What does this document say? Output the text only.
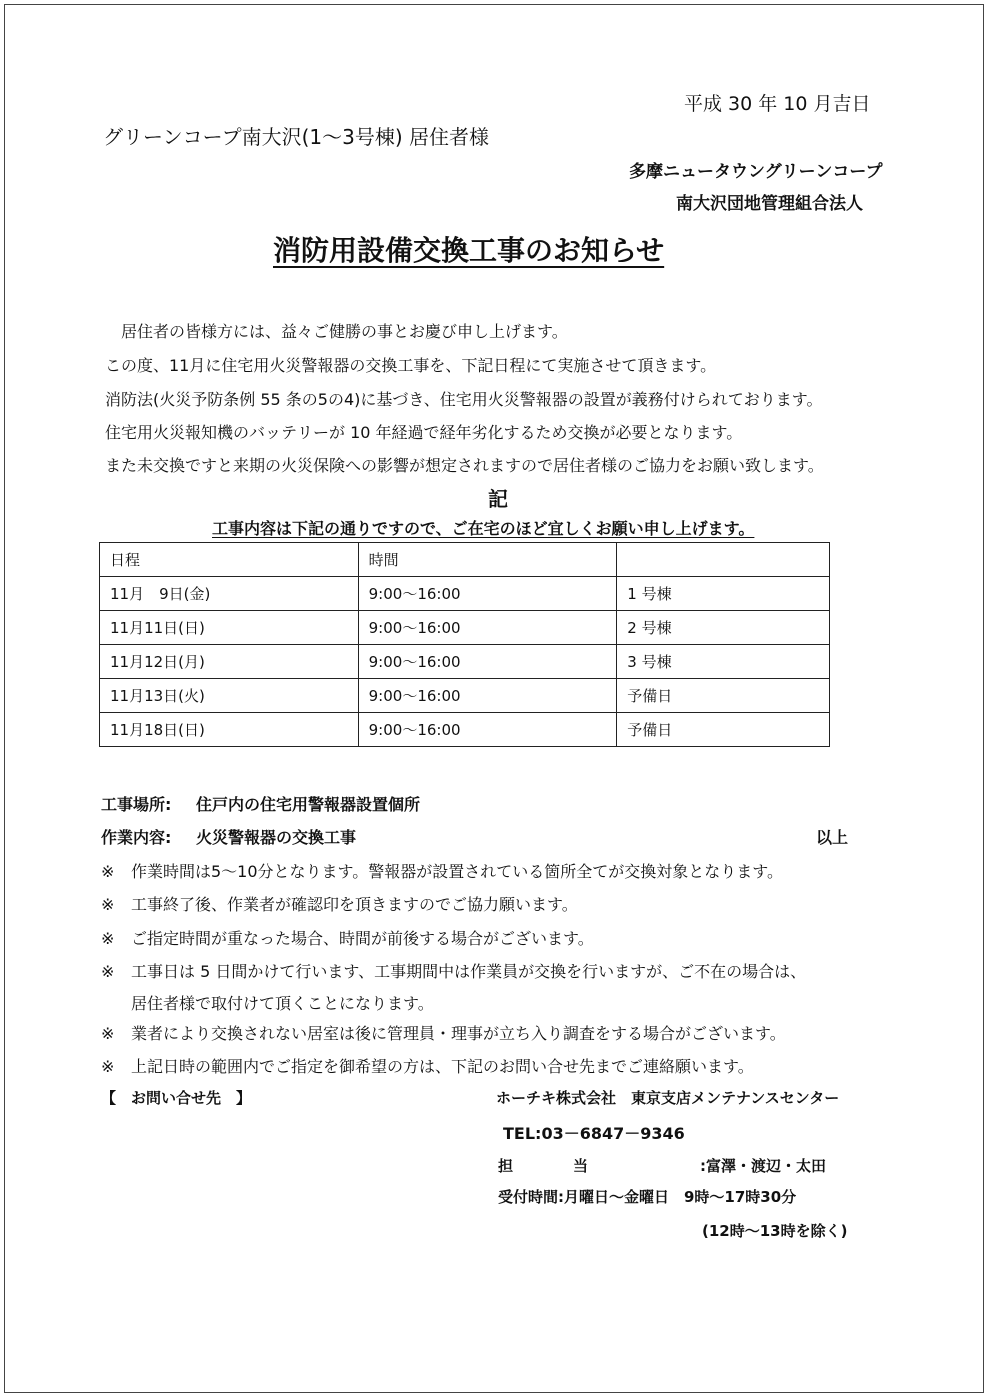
平成 30 年 10 月吉日
グリーンコープ南大沢(1～3号棟) 居住者様
多摩ニュータウングリーンコープ
南大沢団地管理組合法人
消防用設備交換工事のお知らせ
　居住者の皆様方には、益々ご健勝の事とお慶び申し上げます。
この度、11月に住宅用火災警報器の交換工事を、下記日程にて実施させて頂きます。
消防法(火災予防条例 55 条の5の4)に基づき、住宅用火災警報器の設置が義務付けられております。
住宅用火災報知機のバッテリーが 10 年経過で経年劣化するため交換が必要となります。
また未交換ですと来期の火災保険への影響が想定されますので居住者様のご協力をお願い致します。
記
工事内容は下記の通りですので、ご在宅のほど宜しくお願い申し上げます。
日程	時間	
11月　9日(金)	9:00～16:00	1 号棟
11月11日(日)	9:00～16:00	2 号棟
11月12日(月)	9:00～16:00	3 号棟
11月13日(火)	9:00～16:00	予備日
11月18日(日)	9:00～16:00	予備日
工事場所: 住戸内の住宅用警報器設置個所
作業内容: 火災警報器の交換工事	以上
※ 作業時間は5～10分となります。警報器が設置されている箇所全てが交換対象となります。
※ 工事終了後、作業者が確認印を頂きますのでご協力願います。
※ ご指定時間が重なった場合、時間が前後する場合がございます。
※ 工事日は 5 日間かけて行います、工事期間中は作業員が交換を行いますが、ご不在の場合は、
居住者様で取付けて頂くことになります。
※ 業者により交換されない居室は後に管理員・理事が立ち入り調査をする場合がございます。
※ 上記日時の範囲内でご指定を御希望の方は、下記のお問い合せ先までご連絡願います。
【　お問い合せ先　】	ホーチキ株式会社　東京支店メンテナンスセンター
TEL:03－6847－9346
担　　　　当	:富澤・渡辺・太田
受付時間:月曜日～金曜日　9時～17時30分
(12時～13時を除く)
